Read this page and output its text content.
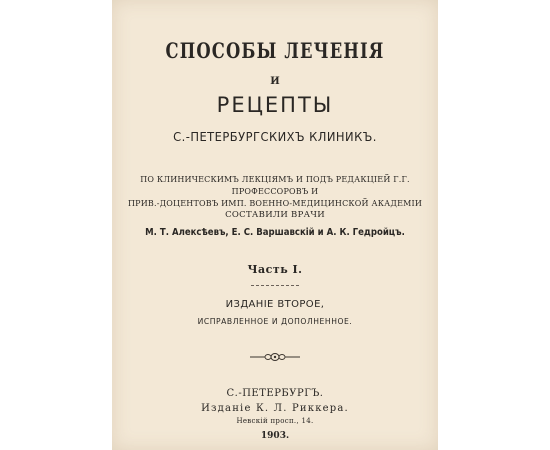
СПОСОБЫ ЛЕЧЕНІЯ
И
РЕЦЕПТЫ
С.-ПЕТЕРБУРГСКИХЪ КЛИНИКЪ.
ПО КЛИНИЧЕСКИМЪ ЛЕКЦІЯМЪ И ПОДЪ РЕДАКЦІЕЙ Г.Г. ПРОФЕССОРОВЪ И
ПРИВ.-ДОЦЕНТОВЪ ИМП. ВОЕННО-МЕДИЦИНСКОЙ АКАДЕМІИ
СОСТАВИЛИ ВРАЧИ
М. Т. Алексѣевъ, Е. С. Варшавскій и А. К. Гедройцъ.
Часть I.
ИЗДАНІЕ ВТОРОЕ,
ИСПРАВЛЕННОЕ И ДОПОЛНЕННОЕ.
С.-ПЕТЕРБУРГЪ.
Изданіе К. Л. Риккера.
Невскій просп., 14.
1903.
